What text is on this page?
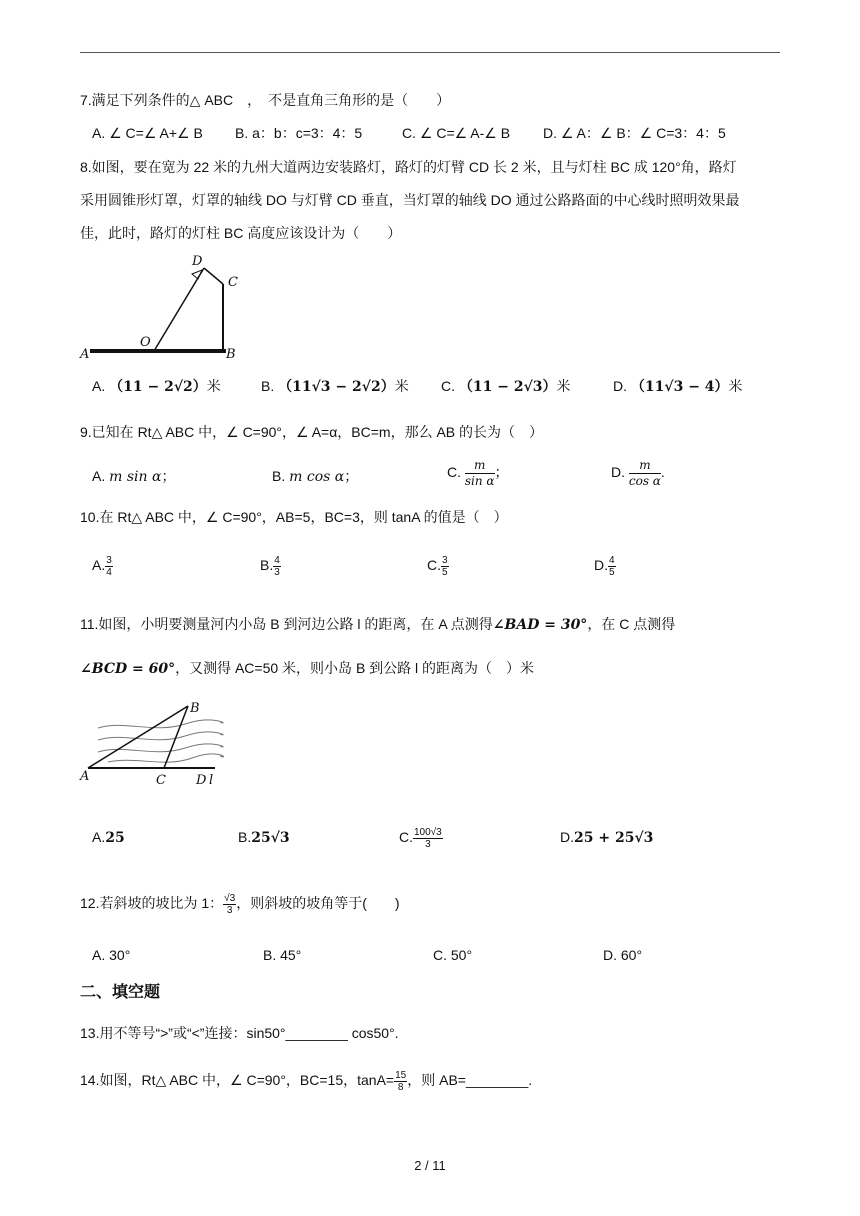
7.满足下列条件的△ ABC　，　不是直角三角形的是（　　）
A. ∠ C=∠ A+∠ B B. a：b：c=3：4：5	C. ∠ C=∠ A-∠ B D. ∠ A：∠ B：∠ C=3：4：5
8.如图，要在宽为 22 米的九州大道两边安装路灯，路灯的灯臂 CD 长 2 米，且与灯柱 BC 成 120°角，路灯
采用圆锥形灯罩，灯罩的轴线 DO 与灯臂 CD 垂直，当灯罩的轴线 DO 通过公路路面的中心线时照明效果最
佳，此时，路灯的灯柱 BC 高度应该设计为（　　）
D
C
A
O
B
A. （11 − 2√2）米	B. （11√3 − 2√2）米 C. （11 − 2√3）米	D. （11√3 − 4）米
9.已知在 Rt△ ABC 中，∠ C=90°，∠ A=α，BC=m，那么 AB 的长为（　）
A. m sin α；	B. m cos α；	C. $\frac{m}{\text{sin α}}$ ；	D. $\frac{m}{\text{cos α}}$ .
10.在 Rt△ ABC 中，∠ C=90°，AB=5，BC=3，则 tanA 的值是（　）
A. $\frac{3}{4}$	B. $\frac{4}{3}$	C. $\frac{3}{5}$	D. $\frac{4}{5}$
11.如图，小明要测量河内小岛 B 到河边公路 l 的距离，在 A 点测得∠BAD = 30°，在 C 点测得
∠BCD = 60°，又测得 AC=50 米，则小岛 B 到公路 l 的距离为（　）米
B
A	C D l
A.25	B.25√3	C. $\frac{100√3}{3}$	D.25 + 25√3
12.若斜坡的坡比为 1： $\frac{√3}{3}$ ，则斜坡的坡角等于(　　)
A. 30°	B. 45°	C. 50°	D. 60°
二、填空题
13.用不等号“>”或“<”连接：sin50°________ cos50°.
14.如图，Rt△ ABC 中，∠ C=90°，BC=15，$\tan A= \frac{15}{8}$ ，则 AB=________.
2 / 11
